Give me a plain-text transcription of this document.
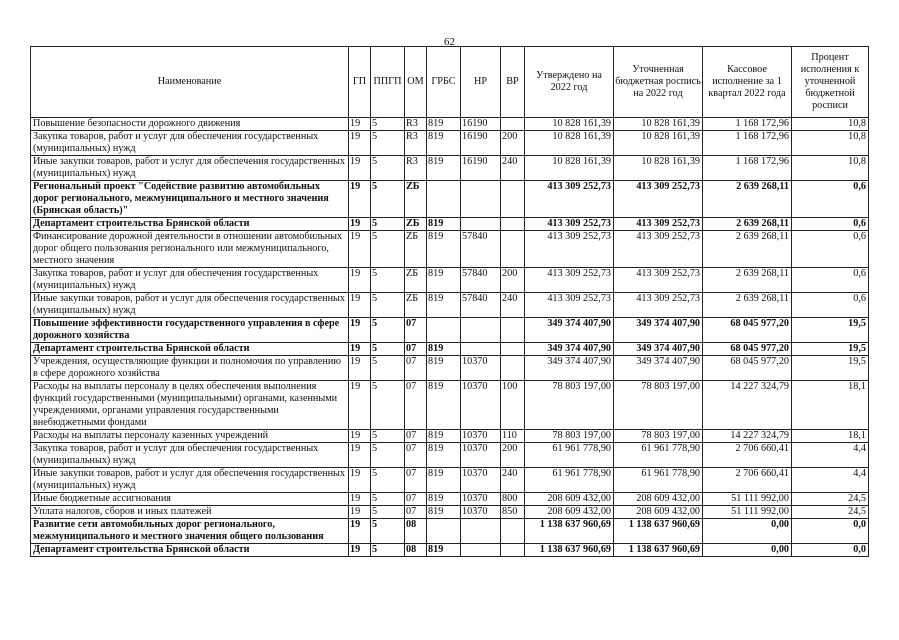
62
Наименование	ГП	ППГП	ОМ	ГРБС	НР	ВР	Утверждено на 2022 год	Уточненная бюджетная роспись на 2022 год	Кассовое исполнение за 1 квартал 2022 года	Процент исполнения к уточненной бюджетной росписи
Повышение безопасности дорожного движения	19	5	R3	819	16190		10 828 161,39	10 828 161,39	1 168 172,96	10,8
Закупка товаров, работ и услуг для обеспечения государственных (муниципальных) нужд	19	5	R3	819	16190	200	10 828 161,39	10 828 161,39	1 168 172,96	10,8
Иные закупки товаров, работ и услуг для обеспечения государственных (муниципальных) нужд	19	5	R3	819	16190	240	10 828 161,39	10 828 161,39	1 168 172,96	10,8
Региональный проект "Содействие развитию автомобильных дорог регионального, межмуниципального и местного значения (Брянская область)"	19	5	ZБ				413 309 252,73	413 309 252,73	2 639 268,11	0,6
Департамент строительства Брянской области	19	5	ZБ	819			413 309 252,73	413 309 252,73	2 639 268,11	0,6
Финансирование дорожной деятельности в отношении автомобильных дорог общего пользования регионального или межмуниципального, местного значения	19	5	ZБ	819	57840		413 309 252,73	413 309 252,73	2 639 268,11	0,6
Закупка товаров, работ и услуг для обеспечения государственных (муниципальных) нужд	19	5	ZБ	819	57840	200	413 309 252,73	413 309 252,73	2 639 268,11	0,6
Иные закупки товаров, работ и услуг для обеспечения государственных (муниципальных) нужд	19	5	ZБ	819	57840	240	413 309 252,73	413 309 252,73	2 639 268,11	0,6
Повышение эффективности государственного управления в сфере дорожного хозяйства	19	5	07				349 374 407,90	349 374 407,90	68 045 977,20	19,5
Департамент строительства Брянской области	19	5	07	819			349 374 407,90	349 374 407,90	68 045 977,20	19,5
Учреждения, осуществляющие функции и полномочия по управлению в сфере дорожного хозяйства	19	5	07	819	10370		349 374 407,90	349 374 407,90	68 045 977,20	19,5
Расходы на выплаты персоналу в целях обеспечения выполнения функций государственными (муниципальными) органами, казенными учреждениями, органами управления государственными внебюджетными фондами	19	5	07	819	10370	100	78 803 197,00	78 803 197,00	14 227 324,79	18,1
Расходы на выплаты персоналу казенных учреждений	19	5	07	819	10370	110	78 803 197,00	78 803 197,00	14 227 324,79	18,1
Закупка товаров, работ и услуг для обеспечения государственных (муниципальных) нужд	19	5	07	819	10370	200	61 961 778,90	61 961 778,90	2 706 660,41	4,4
Иные закупки товаров, работ и услуг для обеспечения государственных (муниципальных) нужд	19	5	07	819	10370	240	61 961 778,90	61 961 778,90	2 706 660,41	4,4
Иные бюджетные ассигнования	19	5	07	819	10370	800	208 609 432,00	208 609 432,00	51 111 992,00	24,5
Уплата налогов, сборов и иных платежей	19	5	07	819	10370	850	208 609 432,00	208 609 432,00	51 111 992,00	24,5
Развитие сети автомобильных дорог регионального, межмуниципального и местного значения общего пользования	19	5	08				1 138 637 960,69	1 138 637 960,69	0,00	0,0
Департамент строительства Брянской области	19	5	08	819			1 138 637 960,69	1 138 637 960,69	0,00	0,0
